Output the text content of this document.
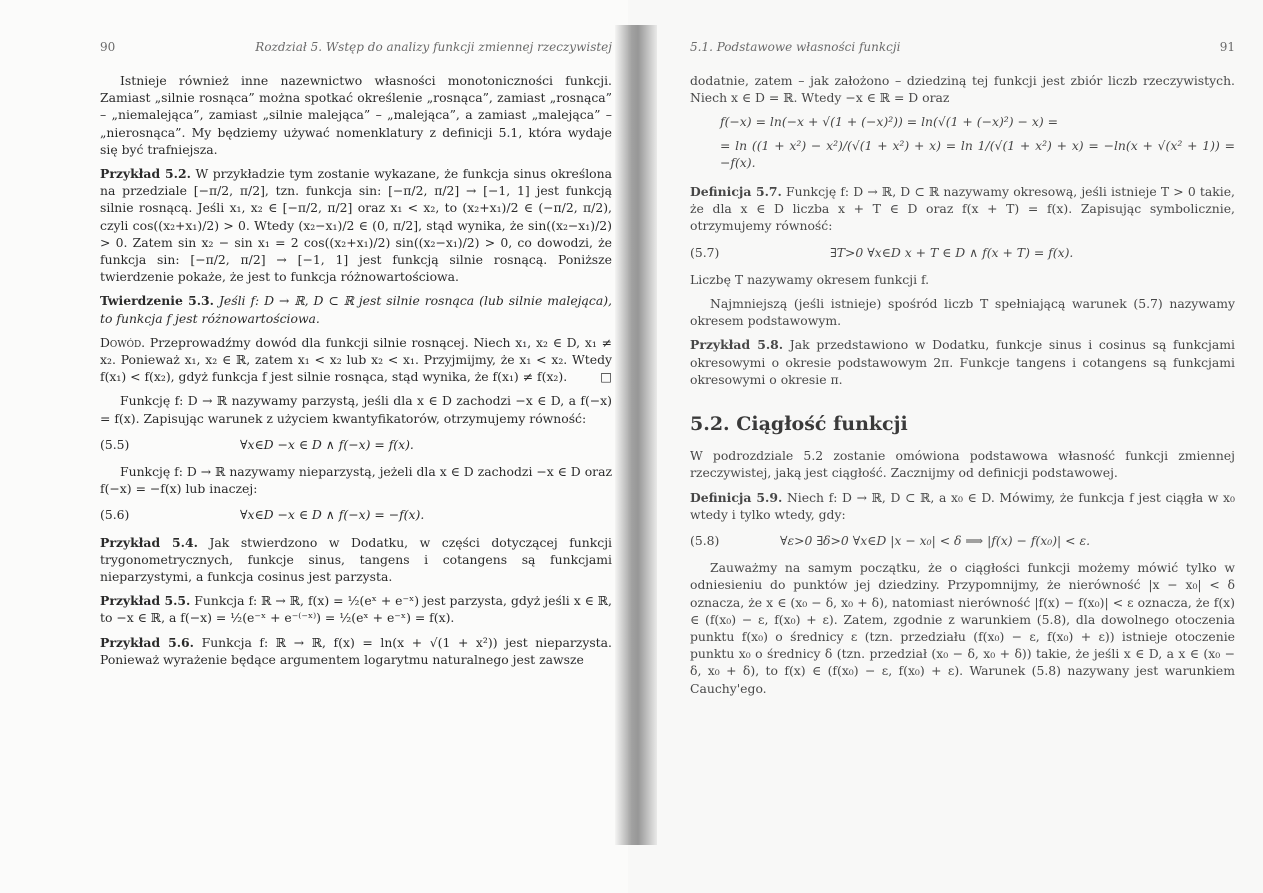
90	Rozdział 5. Wstęp do analizy funkcji zmiennej rzeczywistej

Istnieje również inne nazewnictwo własności monotoniczności funkcji. Zamiast „silnie rosnąca” można spotkać określenie „rosnąca”, zamiast „rosnąca” – „niemalejąca”, zamiast „silnie malejąca” – „malejąca”, a zamiast „malejąca” – „nierosnąca”. My będziemy używać nomenklatury z definicji 5.1, która wydaje się być trafniejsza.

Przykład 5.2. W przykładzie tym zostanie wykazane, że funkcja sinus określona na przedziale [−π/2, π/2], tzn. funkcja sin: [−π/2, π/2] → [−1, 1] jest funkcją silnie rosnącą. Jeśli x₁, x₂ ∈ [−π/2, π/2] oraz x₁ < x₂, to (x₂+x₁)/2 ∈ (−π/2, π/2), czyli cos((x₂+x₁)/2) > 0. Wtedy (x₂−x₁)/2 ∈ (0, π/2], stąd wynika, że sin((x₂−x₁)/2) > 0. Zatem sin x₂ − sin x₁ = 2 cos((x₂+x₁)/2) sin((x₂−x₁)/2) > 0, co dowodzi, że funkcja sin: [−π/2, π/2] → [−1, 1] jest funkcją silnie rosnącą. Poniższe twierdzenie pokaże, że jest to funkcja różnowartościowa.

Twierdzenie 5.3. Jeśli f: D → ℝ, D ⊂ ℝ jest silnie rosnąca (lub silnie malejąca), to funkcja f jest różnowartościowa.

Dowód. Przeprowadźmy dowód dla funkcji silnie rosnącej. Niech x₁, x₂ ∈ D, x₁ ≠ x₂. Ponieważ x₁, x₂ ∈ ℝ, zatem x₁ < x₂ lub x₂ < x₁. Przyjmijmy, że x₁ < x₂. Wtedy f(x₁) < f(x₂), gdyż funkcja f jest silnie rosnąca, stąd wynika, że f(x₁) ≠ f(x₂).	□

Funkcję f: D → ℝ nazywamy parzystą, jeśli dla x ∈ D zachodzi −x ∈ D, a f(−x) = f(x). Zapisując warunek z użyciem kwantyfikatorów, otrzymujemy równość:

(5.5)	∀x∈D −x ∈ D ∧ f(−x) = f(x).

Funkcję f: D → ℝ nazywamy nieparzystą, jeżeli dla x ∈ D zachodzi −x ∈ D oraz f(−x) = −f(x) lub inaczej:

(5.6)	∀x∈D −x ∈ D ∧ f(−x) = −f(x).

Przykład 5.4. Jak stwierdzono w Dodatku, w części dotyczącej funkcji trygonometrycznych, funkcje sinus, tangens i cotangens są funkcjami nieparzystymi, a funkcja cosinus jest parzysta.

Przykład 5.5. Funkcja f: ℝ → ℝ, f(x) = ½(eˣ + e⁻ˣ) jest parzysta, gdyż jeśli x ∈ ℝ, to −x ∈ ℝ, a f(−x) = ½(e⁻ˣ + e⁻⁽⁻ˣ⁾) = ½(eˣ + e⁻ˣ) = f(x).

Przykład 5.6. Funkcja f: ℝ → ℝ, f(x) = ln(x + √(1 + x²)) jest nieparzysta. Ponieważ wyrażenie będące argumentem logarytmu naturalnego jest zawsze

5.1. Podstawowe własności funkcji	91

dodatnie, zatem – jak założono – dziedziną tej funkcji jest zbiór liczb rzeczywistych. Niech x ∈ D = ℝ. Wtedy −x ∈ ℝ = D oraz

f(−x) = ln(−x + √(1 + (−x)²)) = ln(√(1 + (−x)²) − x) =
= ln ((1 + x²) − x²)/(√(1 + x²) + x) = ln 1/(√(1 + x²) + x) = −ln(x + √(x² + 1)) = −f(x).

Definicja 5.7. Funkcję f: D → ℝ, D ⊂ ℝ nazywamy okresową, jeśli istnieje T > 0 takie, że dla x ∈ D liczba x + T ∈ D oraz f(x + T) = f(x). Zapisując symbolicznie, otrzymujemy równość:

(5.7)	∃T>0 ∀x∈D x + T ∈ D ∧ f(x + T) = f(x).

Liczbę T nazywamy okresem funkcji f.

Najmniejszą (jeśli istnieje) spośród liczb T spełniającą warunek (5.7) nazywamy okresem podstawowym.

Przykład 5.8. Jak przedstawiono w Dodatku, funkcje sinus i cosinus są funkcjami okresowymi o okresie podstawowym 2π. Funkcje tangens i cotangens są funkcjami okresowymi o okresie π.

5.2. Ciągłość funkcji

W podrozdziale 5.2 zostanie omówiona podstawowa własność funkcji zmiennej rzeczywistej, jaką jest ciągłość. Zacznijmy od definicji podstawowej.

Definicja 5.9. Niech f: D → ℝ, D ⊂ ℝ, a x₀ ∈ D. Mówimy, że funkcja f jest ciągła w x₀ wtedy i tylko wtedy, gdy:

(5.8)	∀ε>0 ∃δ>0 ∀x∈D |x − x₀| < δ ⟹ |f(x) − f(x₀)| < ε.

Zauważmy na samym początku, że o ciągłości funkcji możemy mówić tylko w odniesieniu do punktów jej dziedziny. Przypomnijmy, że nierówność |x − x₀| < δ oznacza, że x ∈ (x₀ − δ, x₀ + δ), natomiast nierówność |f(x) − f(x₀)| < ε oznacza, że f(x) ∈ (f(x₀) − ε, f(x₀) + ε). Zatem, zgodnie z warunkiem (5.8), dla dowolnego otoczenia punktu f(x₀) o średnicy ε (tzn. przedziału (f(x₀) − ε, f(x₀) + ε)) istnieje otoczenie punktu x₀ o średnicy δ (tzn. przedział (x₀ − δ, x₀ + δ)) takie, że jeśli x ∈ D, a x ∈ (x₀ − δ, x₀ + δ), to f(x) ∈ (f(x₀) − ε, f(x₀) + ε). Warunek (5.8) nazywany jest warunkiem Cauchy'ego.
